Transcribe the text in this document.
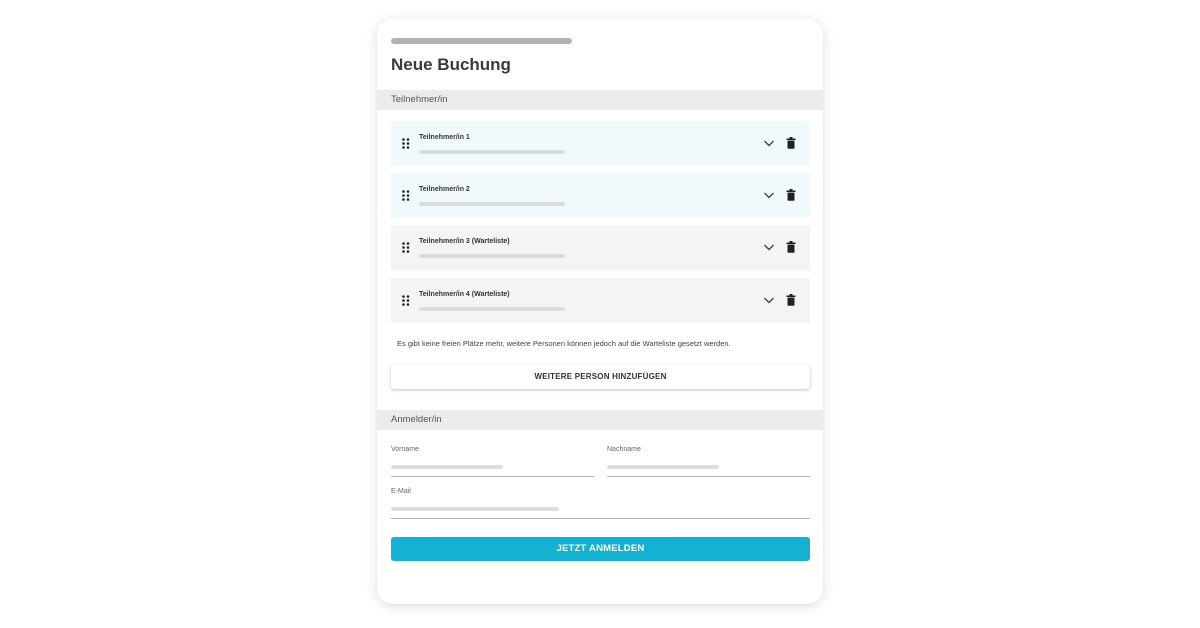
Neue Buchung
Teilnehmer/in
Teilnehmer/in 1
Teilnehmer/in 2
Teilnehmer/in 3 (Warteliste)
Teilnehmer/in 4 (Warteliste)
Es gibt keine freien Plätze mehr, weitere Personen können jedoch auf die Warteliste gesetzt werden.
WEITERE PERSON HINZUFÜGEN
Anmelder/in
Vorname	Nachname
E-Mail
JETZT ANMELDEN
